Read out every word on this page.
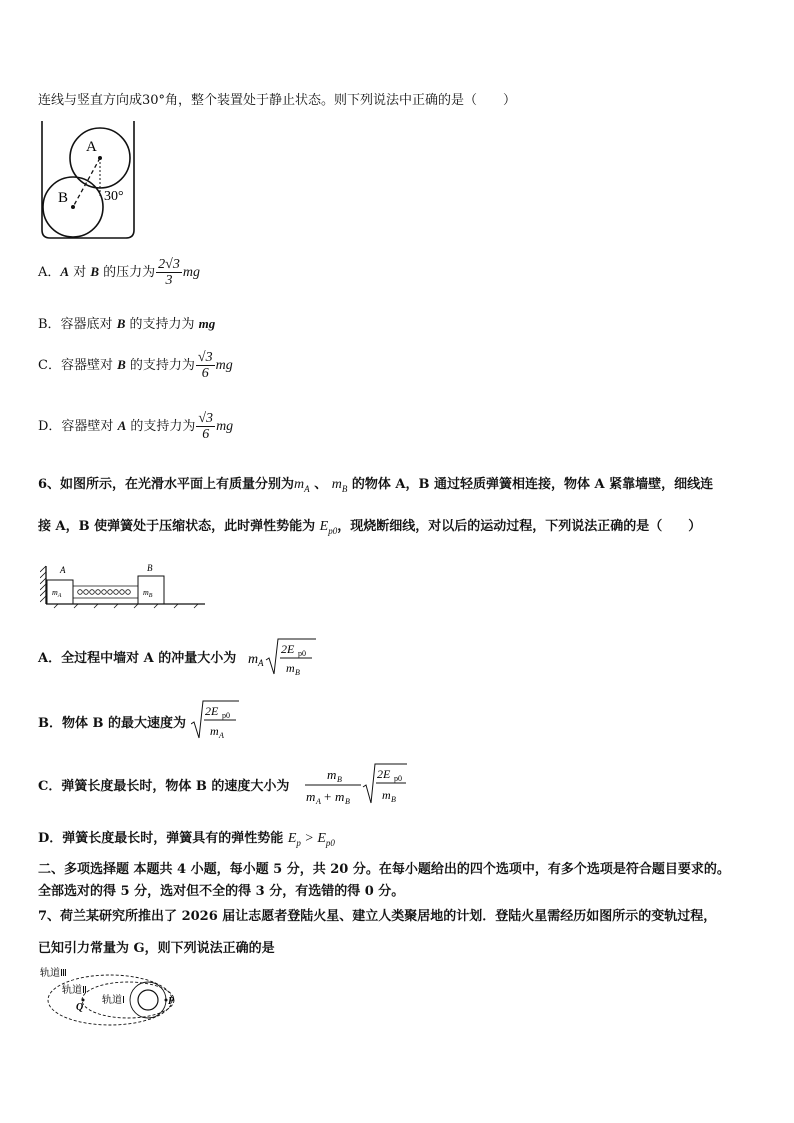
连线与竖直方向成30°角，整个装置处于静止状态。则下列说法中正确的是（　　）
A
B	30°
A．A 对 B 的压力为 $\frac{2√3}{3}$ mg
B．容器底对 B 的支持力为 mg
C．容器壁对 B 的支持力为 $\frac{√3}{6}$ mg
D．容器壁对 A 的支持力为 $\frac{√3}{6}$ mg
6、如图所示，在光滑水平面上有质量分别为$m_A$ 、 $m_B$ 的物体 A，B 通过轻质弹簧相连接，物体 A 紧靠墙壁，细线连
接 A，B 使弹簧处于压缩状态，此时弹性势能为 $E_{p0}$，现烧断细线，对以后的运动过程，下列说法正确的是（　　）
A	B
$m_A$	$m_B$
A．全过程中墙对 A 的冲量大小为 m A
2E p0
m B
B．物体 B 的最大速度为
2E p0
m A
C．弹簧长度最长时，物体 B 的速度大小为
m B
m A + m B
2E p0
m B
D．弹簧长度最长时，弹簧具有的弹性势能 $E_p > E_{p0}$
二、多项选择题 本题共 4 小题，每小题 5 分，共 20 分。在每小题给出的四个选项中，有多个选项是符合题目要求的。
全部选对的得 5 分，选对但不全的得 3 分，有选错的得 0 分。
7、荷兰某研究所推出了 2026 届让志愿者登陆火星、建立人类聚居地的计划．登陆火星需经历如图所示的变轨过程，
已知引力常量为 G，则下列说法正确的是
轨道Ⅲ
轨道Ⅱ
轨道Ⅰ
Q
P
